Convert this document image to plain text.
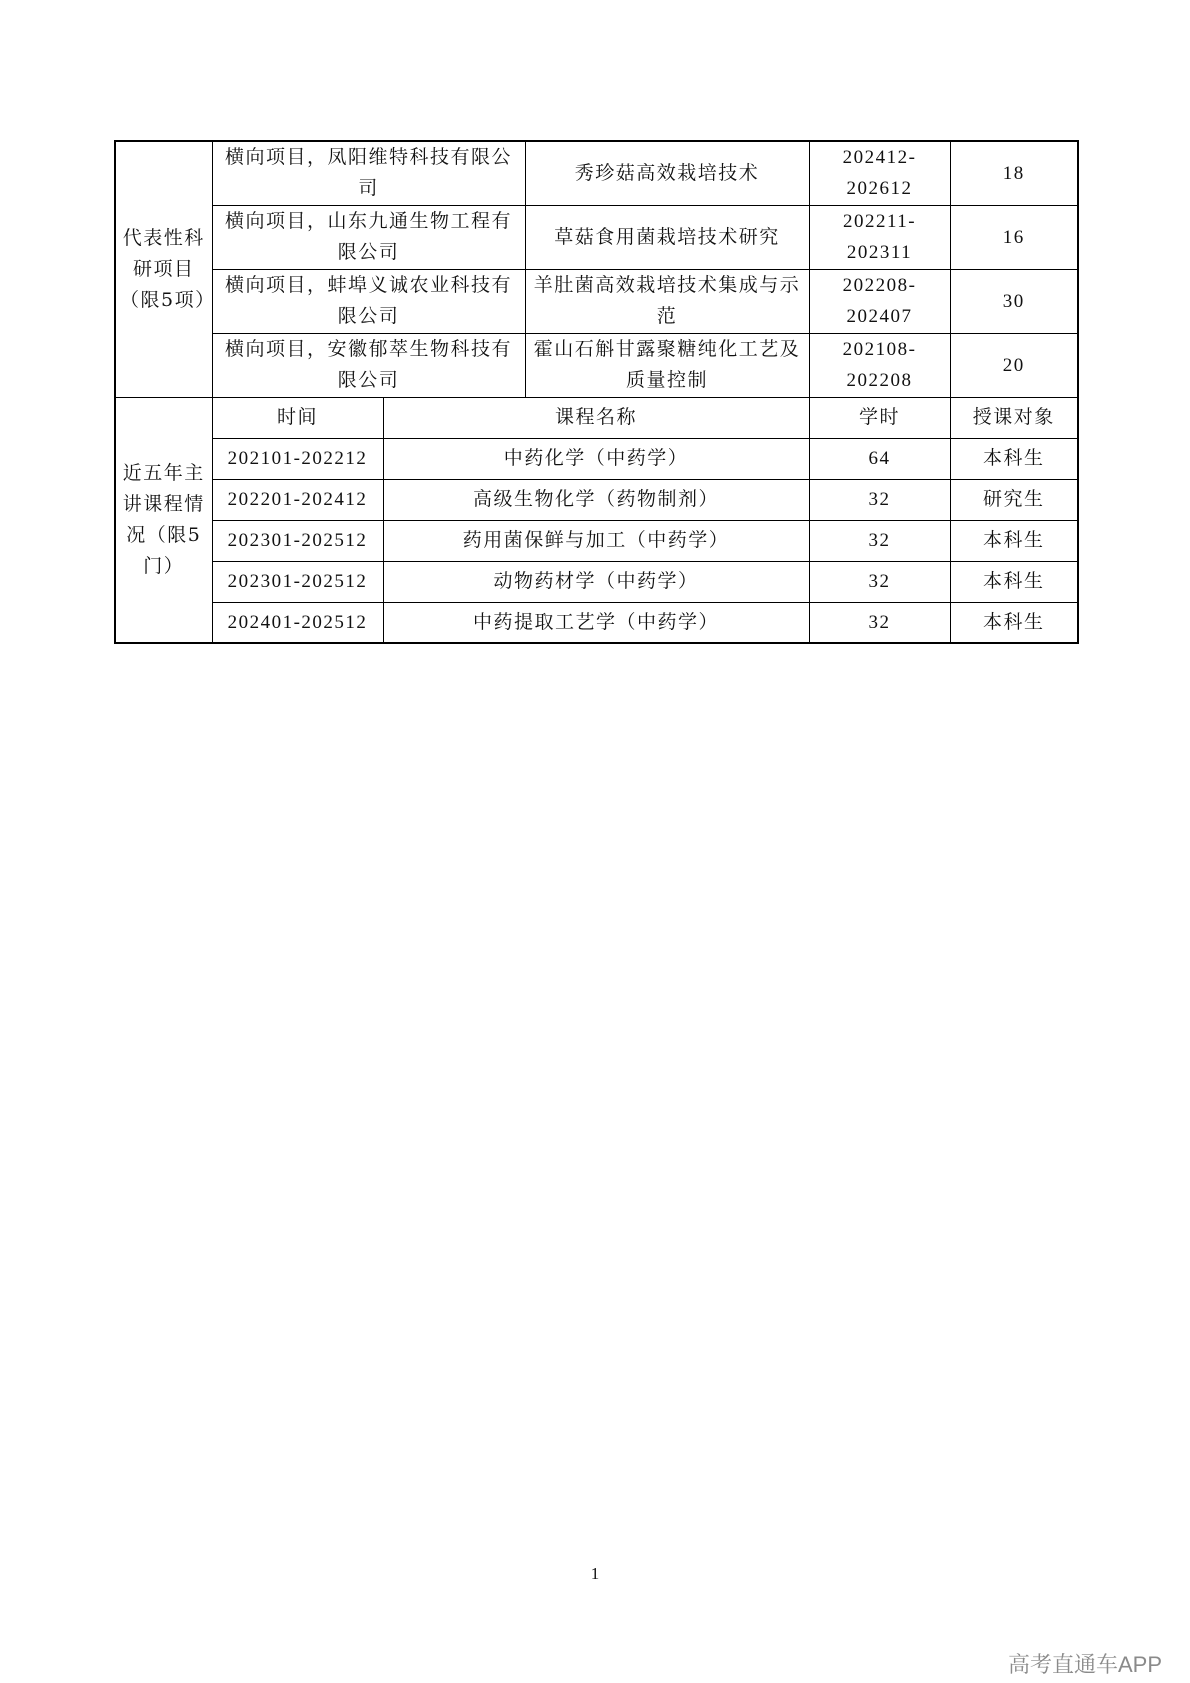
代表性科研项目（限5项）	横向项目，凤阳维特科技有限公司		秀珍菇高效栽培技术	202412-202612	18
	横向项目，山东九通生物工程有限公司		草菇食用菌栽培技术研究	202211-202311	16
	横向项目，蚌埠义诚农业科技有限公司		羊肚菌高效栽培技术集成与示范	202208-202407	30
	横向项目，安徽郁萃生物科技有限公司		霍山石斛甘露聚糖纯化工艺及质量控制	202108-202208	20
近五年主讲课程情况（限5门）	时间	课程名称		学时	授课对象
	202101-202212	中药化学（中药学）		64	本科生
	202201-202412	高级生物化学（药物制剂）		32	研究生
	202301-202512	药用菌保鲜与加工（中药学）		32	本科生
	202301-202512	动物药材学（中药学）		32	本科生
	202401-202512	中药提取工艺学（中药学）		32	本科生
1
高考直通车APP
